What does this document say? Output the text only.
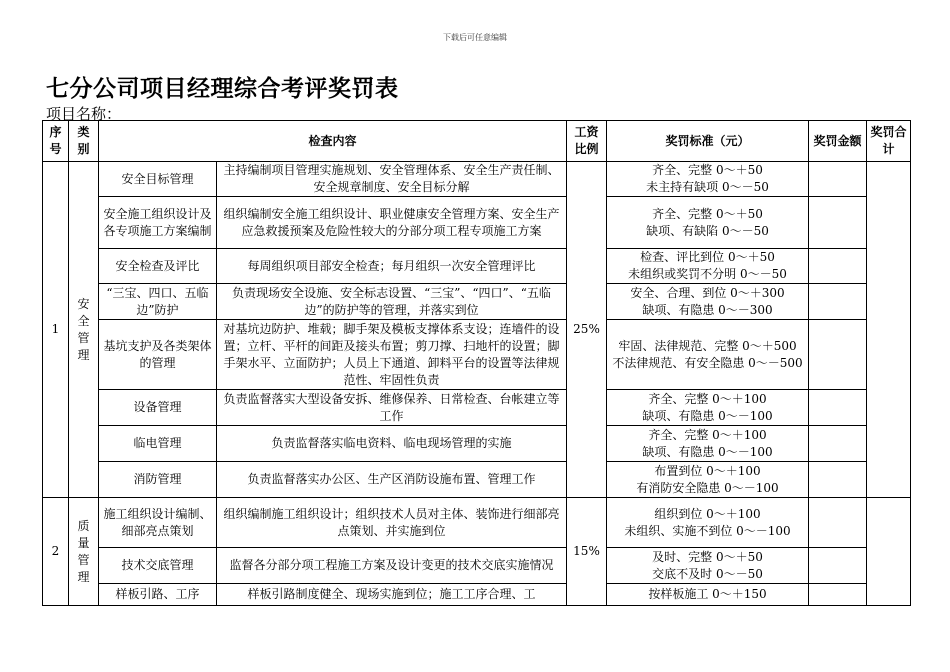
下载后可任意编辑
七分公司项目经理综合考评奖罚表
项目名称：
序号	类别	检查内容		工资比例	奖罚标准（元）	奖罚金额	奖罚合计
1	安全管理	安全目标管理	主持编制项目管理实施规划、安全管理体系、安全生产责任制、安全规章制度、安全目标分解	25%	齐全、完整 0～＋50
未主持有缺项 0～－50		
		安全施工组织设计及各专项施工方案编制	组织编制安全施工组织设计、职业健康安全管理方案、安全生产应急救援预案及危险性较大的分部分项工程专项施工方案		齐全、完整 0～＋50
缺项、有缺陷 0～－50		
		安全检查及评比	每周组织项目部安全检查；每月组织一次安全管理评比		检查、评比到位 0～＋50
未组织或奖罚不分明 0～－50		
		“三宝、四口、五临边”防护	负责现场安全设施、安全标志设置、“三宝”、“四口”、“五临边”的防护等的管理，并落实到位		安全、合理、到位 0～＋300
缺项、有隐患 0～－300		
		基坑支护及各类架体的管理	对基坑边防护、堆载；脚手架及模板支撑体系支设；连墙件的设置；立杆、平杆的间距及接头布置；剪刀撑、扫地杆的设置；脚手架水平、立面防护；人员上下通道、卸料平台的设置等法律规范性、牢固性负责		牢固、法律规范、完整 0～＋500
不法律规范、有安全隐患 0～－500		
		设备管理	负责监督落实大型设备安拆、维修保养、日常检查、台帐建立等工作		齐全、完整 0～＋100
缺项、有隐患 0～－100		
		临电管理	负责监督落实临电资料、临电现场管理的实施		齐全、完整 0～＋100
缺项、有隐患 0～－100		
		消防管理	负责监督落实办公区、生产区消防设施布置、管理工作		布置到位 0～＋100
有消防安全隐患 0～－100		
2	质量管理	施工组织设计编制、细部亮点策划	组织编制施工组织设计；组织技术人员对主体、装饰进行细部亮点策划、并实施到位	15%	组织到位 0～＋100
未组织、实施不到位 0～－100		
		技术交底管理	监督各分部分项工程施工方案及设计变更的技术交底实施情况		及时、完整 0～＋50
交底不及时 0～－50		
		样板引路、工序	样板引路制度健全、现场实施到位；施工工序合理、工		按样板施工 0～＋150		
